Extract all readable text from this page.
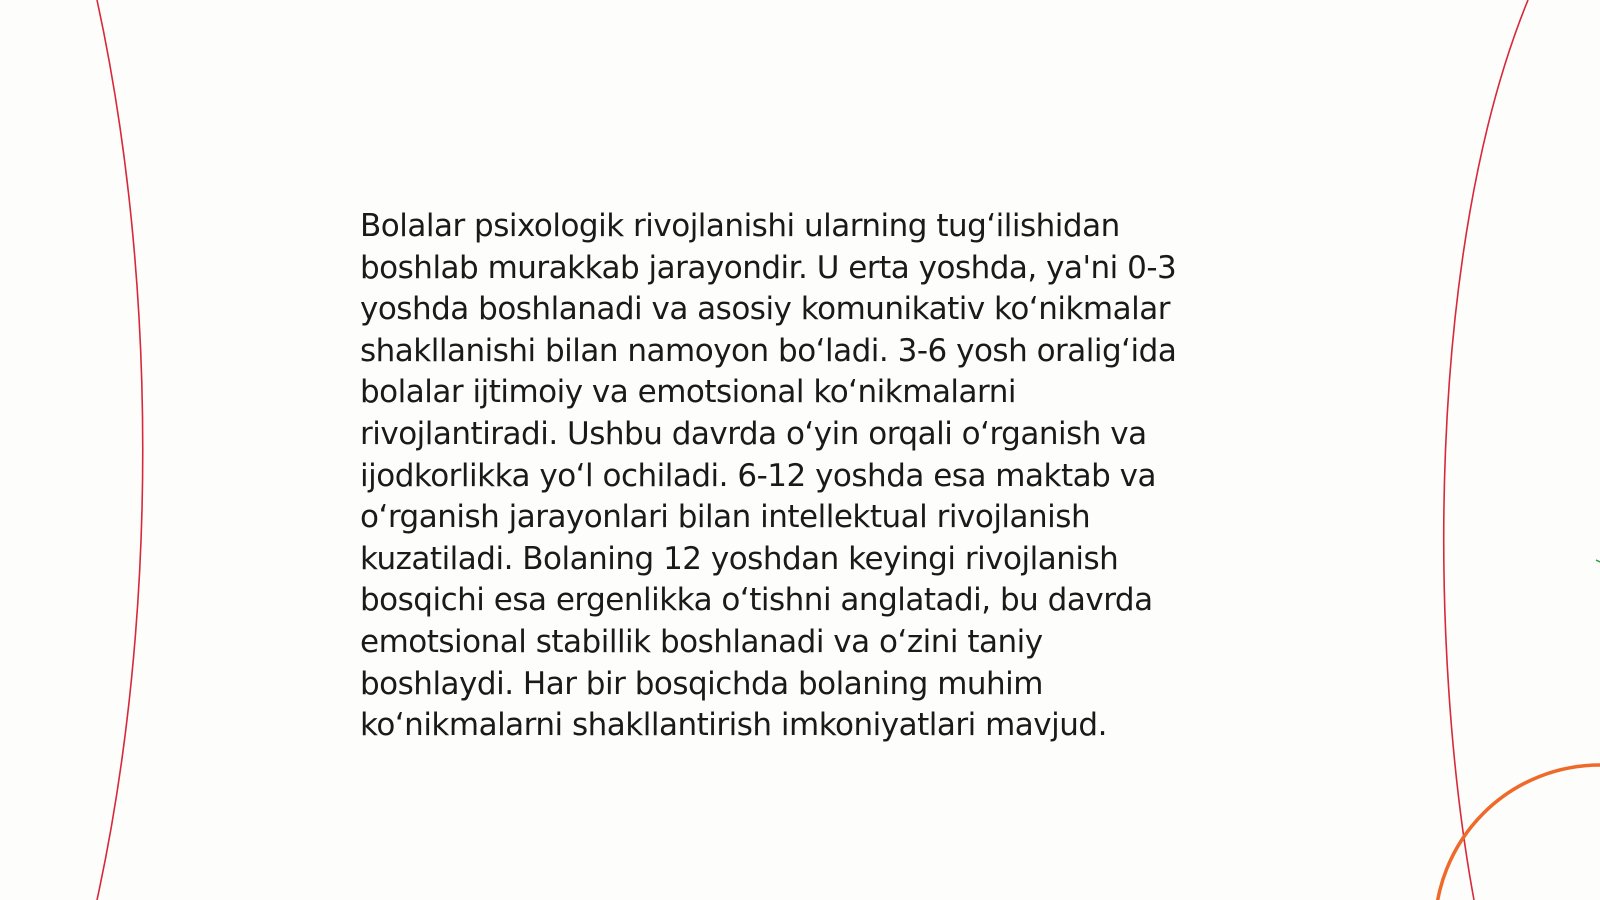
Bolalar psixologik rivojlanishi ularning tug‘ilishidan
boshlab murakkab jarayondir. U erta yoshda, ya'ni 0-3
yoshda boshlanadi va asosiy komunikativ ko‘nikmalar
shakllanishi bilan namoyon bo‘ladi. 3-6 yosh oralig‘ida
bolalar ijtimoiy va emotsional ko‘nikmalarni
rivojlantiradi. Ushbu davrda o‘yin orqali o‘rganish va
ijodkorlikka yo‘l ochiladi. 6-12 yoshda esa maktab va
o‘rganish jarayonlari bilan intellektual rivojlanish
kuzatiladi. Bolaning 12 yoshdan keyingi rivojlanish
bosqichi esa ergenlikka o‘tishni anglatadi, bu davrda
emotsional stabillik boshlanadi va o‘zini taniy
boshlaydi. Har bir bosqichda bolaning muhim
ko‘nikmalarni shakllantirish imkoniyatlari mavjud.
